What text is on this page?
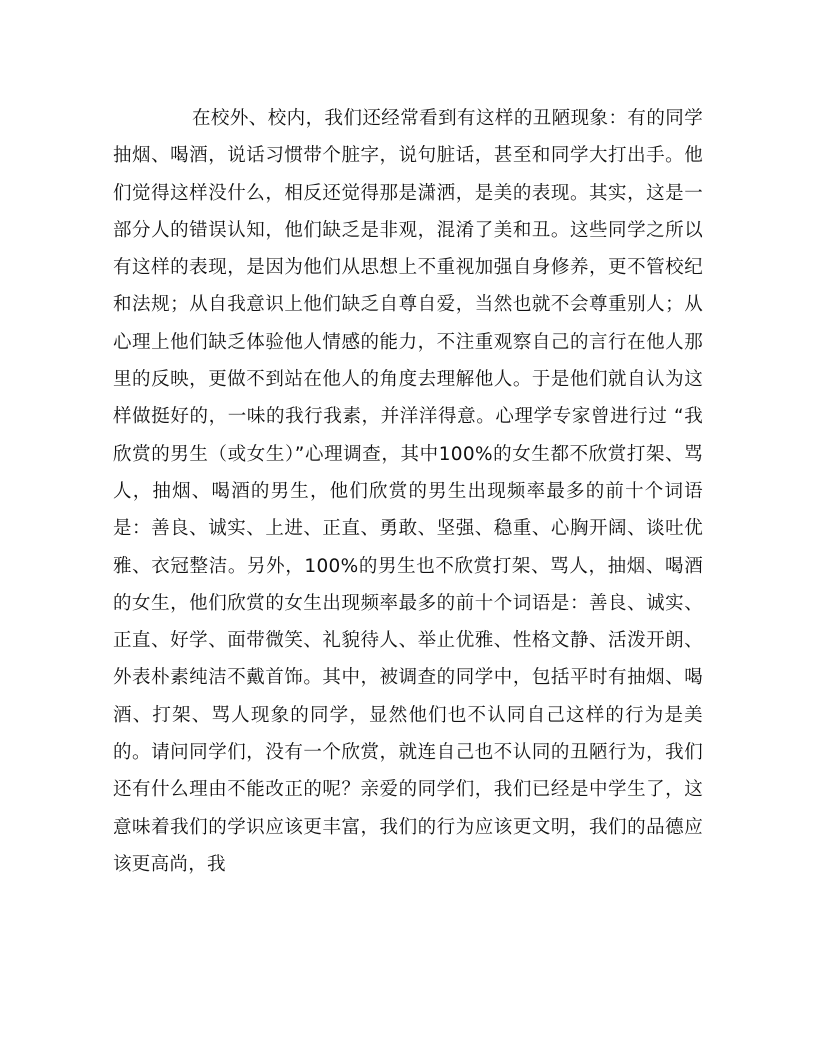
在校外、校内，我们还经常看到有这样的丑陋现象：有的同学抽烟、喝酒，说话习惯带个脏字，说句脏话，甚至和同学大打出手。他们觉得这样没什么，相反还觉得那是潇洒，是美的表现。其实，这是一部分人的错误认知，他们缺乏是非观，混淆了美和丑。这些同学之所以有这样的表现，是因为他们从思想上不重视加强自身修养，更不管校纪和法规；从自我意识上他们缺乏自尊自爱，当然也就不会尊重别人；从心理上他们缺乏体验他人情感的能力，不注重观察自己的言行在他人那里的反映，更做不到站在他人的角度去理解他人。于是他们就自认为这样做挺好的，一味的我行我素，并洋洋得意。心理学专家曾进行过 “我欣赏的男生（或女生）”心理调查，其中100%的女生都不欣赏打架、骂人，抽烟、喝酒的男生，他们欣赏的男生出现频率最多的前十个词语是：善良、诚实、上进、正直、勇敢、坚强、稳重、心胸开阔、谈吐优雅、衣冠整洁。另外，100%的男生也不欣赏打架、骂人，抽烟、喝酒的女生，他们欣赏的女生出现频率最多的前十个词语是：善良、诚实、正直、好学、面带微笑、礼貌待人、举止优雅、性格文静、活泼开朗、外表朴素纯洁不戴首饰。其中，被调查的同学中，包括平时有抽烟、喝酒、打架、骂人现象的同学，显然他们也不认同自己这样的行为是美的。请问同学们，没有一个欣赏，就连自己也不认同的丑陋行为，我们还有什么理由不能改正的呢？亲爱的同学们，我们已经是中学生了，这意味着我们的学识应该更丰富，我们的行为应该更文明，我们的品德应该更高尚，我
